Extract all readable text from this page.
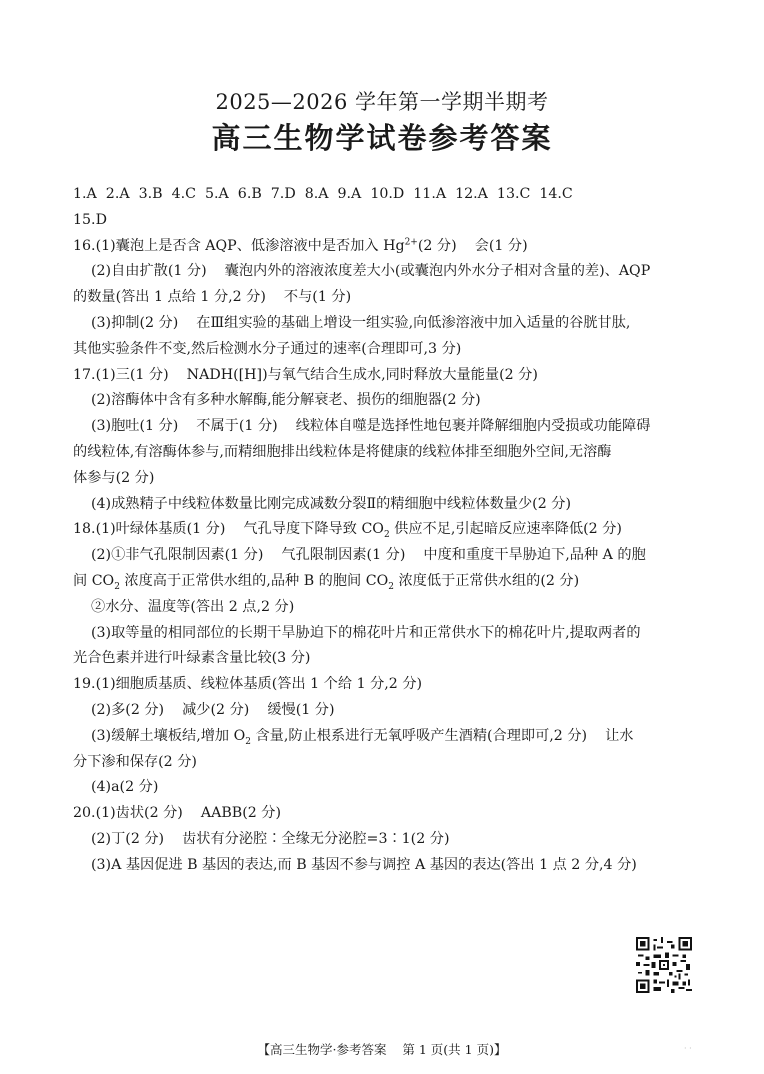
2025—2026 学年第一学期半期考
高三生物学试卷参考答案
1.A  2.A  3.B  4.C  5.A  6.B  7.D  8.A  9.A  10.D  11.A  12.A  13.C  14.C
15.D
16.(1)囊泡上是否含 AQP、低渗溶液中是否加入 $Hg^{2+}(2$ 分)    会(1 分)
(2)自由扩散(1 分)    囊泡内外的溶液浓度差大小(或囊泡内外水分子相对含量的差)、AQP
的数量(答出 1 点给 1 分,2 分)    不与(1 分)
(3)抑制(2 分)    在Ⅲ组实验的基础上增设一组实验,向低渗溶液中加入适量的谷胱甘肽,
其他实验条件不变,然后检测水分子通过的速率(合理即可,3 分)
17.(1)三(1 分)    NADH([H])与氧气结合生成水,同时释放大量能量(2 分)
(2)溶酶体中含有多种水解酶,能分解衰老、损伤的细胞器(2 分)
(3)胞吐(1 分)    不属于(1 分)    线粒体自噬是选择性地包裹并降解细胞内受损或功能障碍
的线粒体,有溶酶体参与,而精细胞排出线粒体是将健康的线粒体排至细胞外空间,无溶酶
体参与(2 分)
(4)成熟精子中线粒体数量比刚完成减数分裂Ⅱ的精细胞中线粒体数量少(2 分)
18.(1)叶绿体基质(1 分)    气孔导度下降导致 $CO_2$ 供应不足,引起暗反应速率降低(2 分)
(2)①非气孔限制因素(1 分)    气孔限制因素(1 分)    中度和重度干旱胁迫下,品种 A 的胞
间 $CO_2$ 浓度高于正常供水组的,品种 B 的胞间 $CO_2$ 浓度低于正常供水组的(2 分)
②水分、温度等(答出 2 点,2 分)
(3)取等量的相同部位的长期干旱胁迫下的棉花叶片和正常供水下的棉花叶片,提取两者的
光合色素并进行叶绿素含量比较(3 分)
19.(1)细胞质基质、线粒体基质(答出 1 个给 1 分,2 分)
(2)多(2 分)    减少(2 分)    缓慢(1 分)
(3)缓解土壤板结,增加 $O_2$ 含量,防止根系进行无氧呼吸产生酒精(合理即可,2 分)    让水
分下渗和保存(2 分)
(4)a(2 分)
20.(1)齿状(2 分)    AABB(2 分)
(2)丁(2 分)    齿状有分泌腔∶全缘无分泌腔=3∶1(2 分)
(3)A 基因促进 B 基因的表达,而 B 基因不参与调控 A 基因的表达(答出 1 点 2 分,4 分)
【高三生物学·参考答案    第 1 页(共 1 页)】	· ·
